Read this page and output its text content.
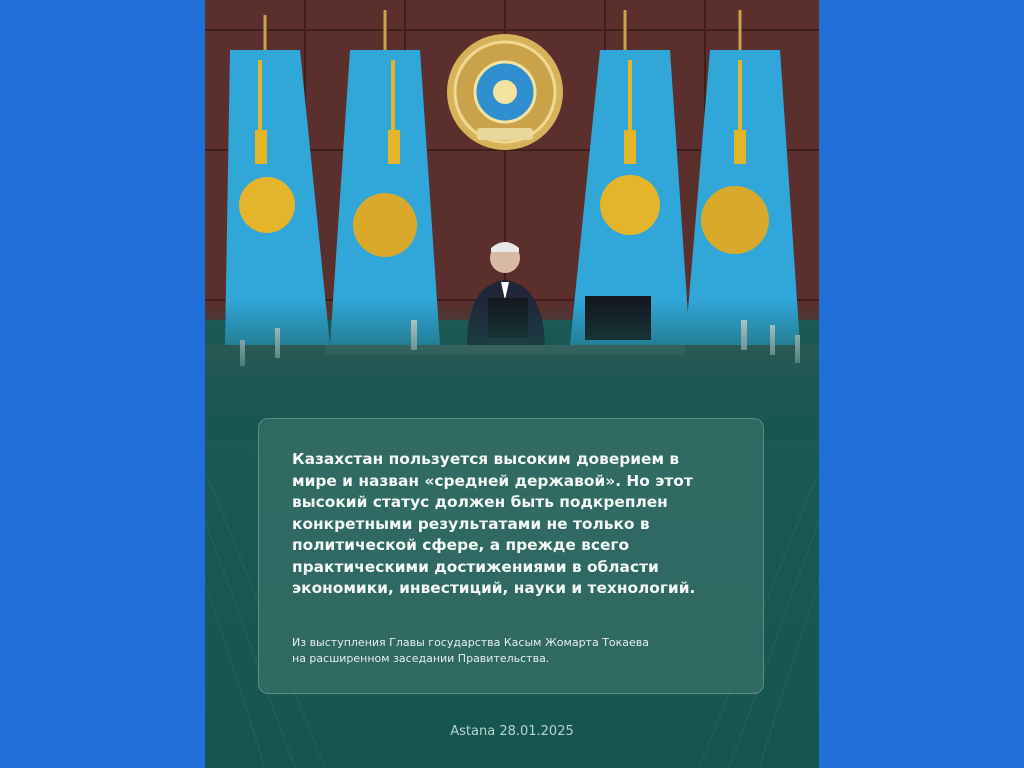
Казахстан пользуется высоким доверием в
мире и назван «средней державой». Но этот
высокий статус должен быть подкреплен
конкретными результатами не только в
политической сфере, а прежде всего
практическими достижениями в области
экономики, инвестиций, науки и технологий.

Из выступления Главы государства Касым Жомарта Токаева
на расширенном заседании Правительства.

Astana 28.01.2025
